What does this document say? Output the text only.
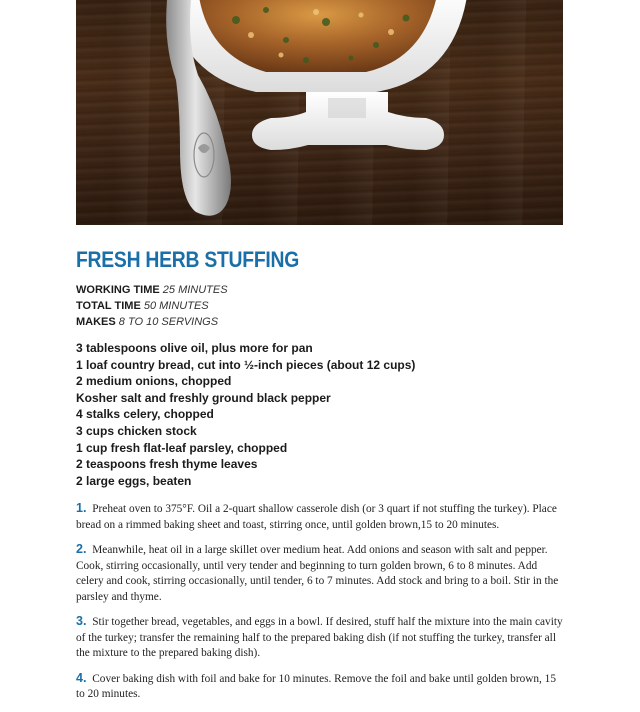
FRESH HERB STUFFING
WORKING TIME 25 MINUTES
TOTAL TIME 50 MINUTES
MAKES 8 TO 10 SERVINGS
3 tablespoons olive oil, plus more for pan
1 loaf country bread, cut into ½-inch pieces (about 12 cups)
2 medium onions, chopped
Kosher salt and freshly ground black pepper
4 stalks celery, chopped
3 cups chicken stock
1 cup fresh flat-leaf parsley, chopped
2 teaspoons fresh thyme leaves
2 large eggs, beaten
1. Preheat oven to 375°F. Oil a 2-quart shallow casserole dish (or 3 quart if not stuffing the turkey). Place bread on a rimmed baking sheet and toast, stirring once, until golden brown,15 to 20 minutes.
2. Meanwhile, heat oil in a large skillet over medium heat. Add onions and season with salt and pepper. Cook, stirring occasionally, until very tender and beginning to turn golden brown, 6 to 8 minutes. Add celery and cook, stirring occasionally, until tender, 6 to 7 minutes. Add stock and bring to a boil. Stir in the parsley and thyme.
3. Stir together bread, vegetables, and eggs in a bowl. If desired, stuff half the mixture into the main cavity of the turkey; transfer the remaining half to the prepared baking dish (if not stuffing the turkey, transfer all the mixture to the prepared baking dish).
4. Cover baking dish with foil and bake for 10 minutes. Remove the foil and bake until golden brown, 15 to 20 minutes.
